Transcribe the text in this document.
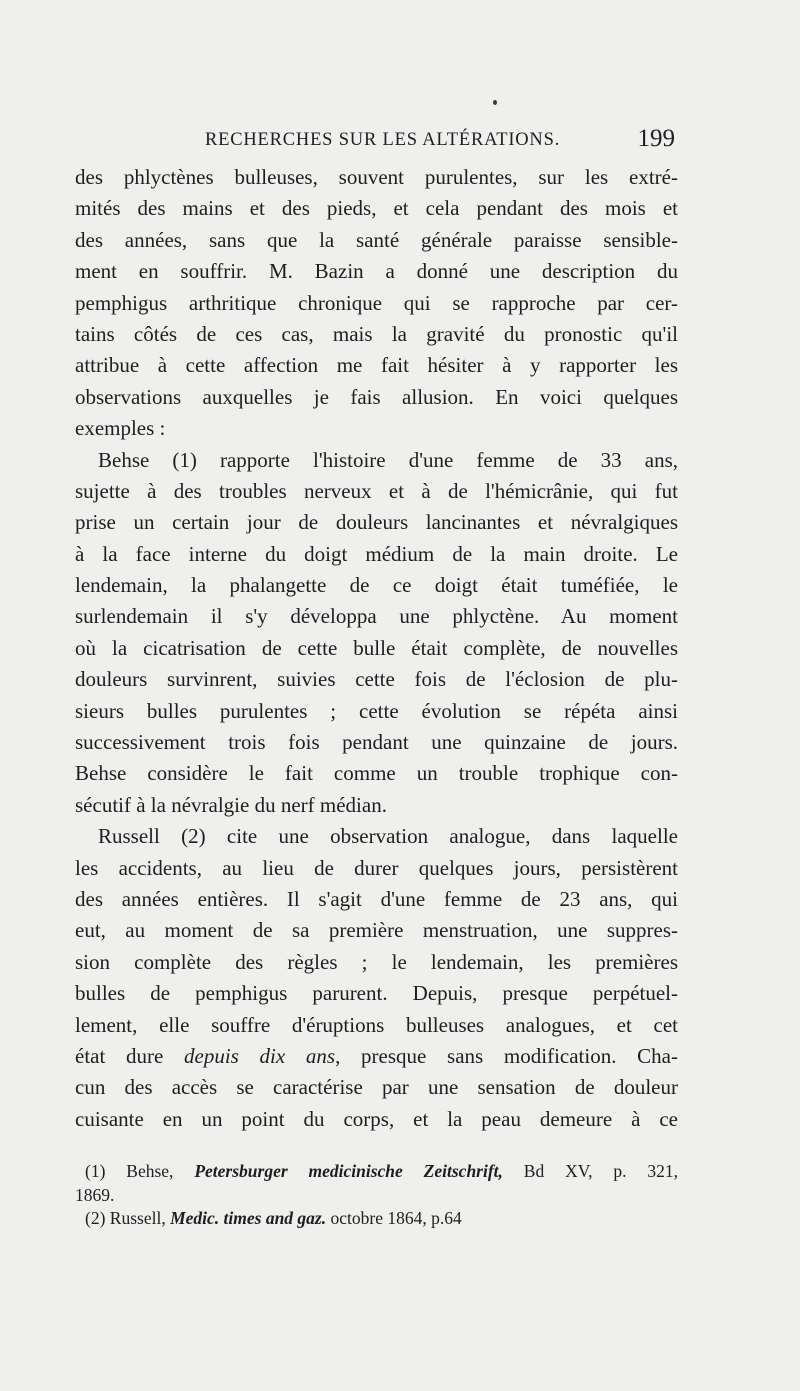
RECHERCHES SUR LES ALTÉRATIONS.	199
des phlyctènes bulleuses, souvent purulentes, sur les extré-
mités des mains et des pieds, et cela pendant des mois et
des années, sans que la santé générale paraisse sensible-
ment en souffrir. M. Bazin a donné une description du
pemphigus arthritique chronique qui se rapproche par cer-
tains côtés de ces cas, mais la gravité du pronostic qu'il
attribue à cette affection me fait hésiter à y rapporter les
observations auxquelles je fais allusion. En voici quelques
exemples :
Behse (1) rapporte l'histoire d'une femme de 33 ans,
sujette à des troubles nerveux et à de l'hémicrânie, qui fut
prise un certain jour de douleurs lancinantes et névralgiques
à la face interne du doigt médium de la main droite. Le
lendemain, la phalangette de ce doigt était tuméfiée, le
surlendemain il s'y développa une phlyctène. Au moment
où la cicatrisation de cette bulle était complète, de nouvelles
douleurs survinrent, suivies cette fois de l'éclosion de plu-
sieurs bulles purulentes ; cette évolution se répéta ainsi
successivement trois fois pendant une quinzaine de jours.
Behse considère le fait comme un trouble trophique con-
sécutif à la névralgie du nerf médian.
Russell (2) cite une observation analogue, dans laquelle
les accidents, au lieu de durer quelques jours, persistèrent
des années entières. Il s'agit d'une femme de 23 ans, qui
eut, au moment de sa première menstruation, une suppres-
sion complète des règles ; le lendemain, les premières
bulles de pemphigus parurent. Depuis, presque perpétuel-
lement, elle souffre d'éruptions bulleuses analogues, et cet
état dure depuis dix ans, presque sans modification. Cha-
cun des accès se caractérise par une sensation de douleur
cuisante en un point du corps, et la peau demeure à ce
(1) Behse, Petersburger medicinische Zeitschrift, Bd XV, p. 321,
1869.
(2) Russell, Medic. times and gaz. octobre 1864, p.64
